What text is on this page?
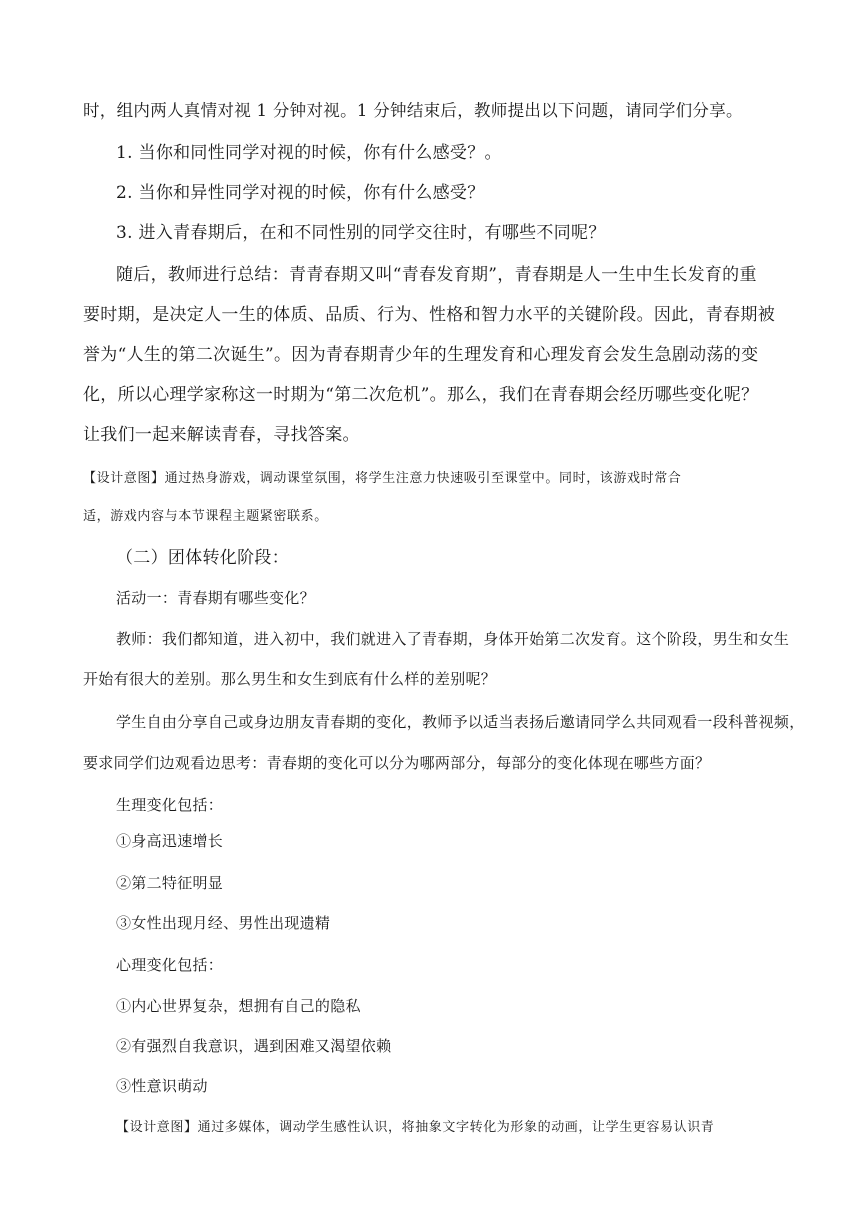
时，组内两人真情对视 1 分钟对视。1 分钟结束后，教师提出以下问题，请同学们分享。
1. 当你和同性同学对视的时候，你有什么感受？。
2. 当你和异性同学对视的时候，你有什么感受？
3. 进入青春期后，在和不同性别的同学交往时，有哪些不同呢？
随后，教师进行总结：青青春期又叫“青春发育期”，青春期是人一生中生长发育的重
要时期，是决定人一生的体质、品质、行为、性格和智力水平的关键阶段。因此，青春期被
誉为“人生的第二次诞生”。因为青春期青少年的生理发育和心理发育会发生急剧动荡的变
化，所以心理学家称这一时期为“第二次危机”。那么，我们在青春期会经历哪些变化呢？
让我们一起来解读青春，寻找答案。
【设计意图】通过热身游戏，调动课堂氛围，将学生注意力快速吸引至课堂中。同时，该游戏时常合
适，游戏内容与本节课程主题紧密联系。
（二）团体转化阶段：
活动一：青春期有哪些变化？
教师：我们都知道，进入初中，我们就进入了青春期，身体开始第二次发育。这个阶段，男生和女生
开始有很大的差别。那么男生和女生到底有什么样的差别呢？
学生自由分享自己或身边朋友青春期的变化，教师予以适当表扬后邀请同学么共同观看一段科普视频，
要求同学们边观看边思考：青春期的变化可以分为哪两部分，每部分的变化体现在哪些方面？
生理变化包括：
①身高迅速增长
②第二特征明显
③女性出现月经、男性出现遗精
心理变化包括：
①内心世界复杂，想拥有自己的隐私
②有强烈自我意识，遇到困难又渴望依赖
③性意识萌动
【设计意图】通过多媒体，调动学生感性认识，将抽象文字转化为形象的动画，让学生更容易认识青
